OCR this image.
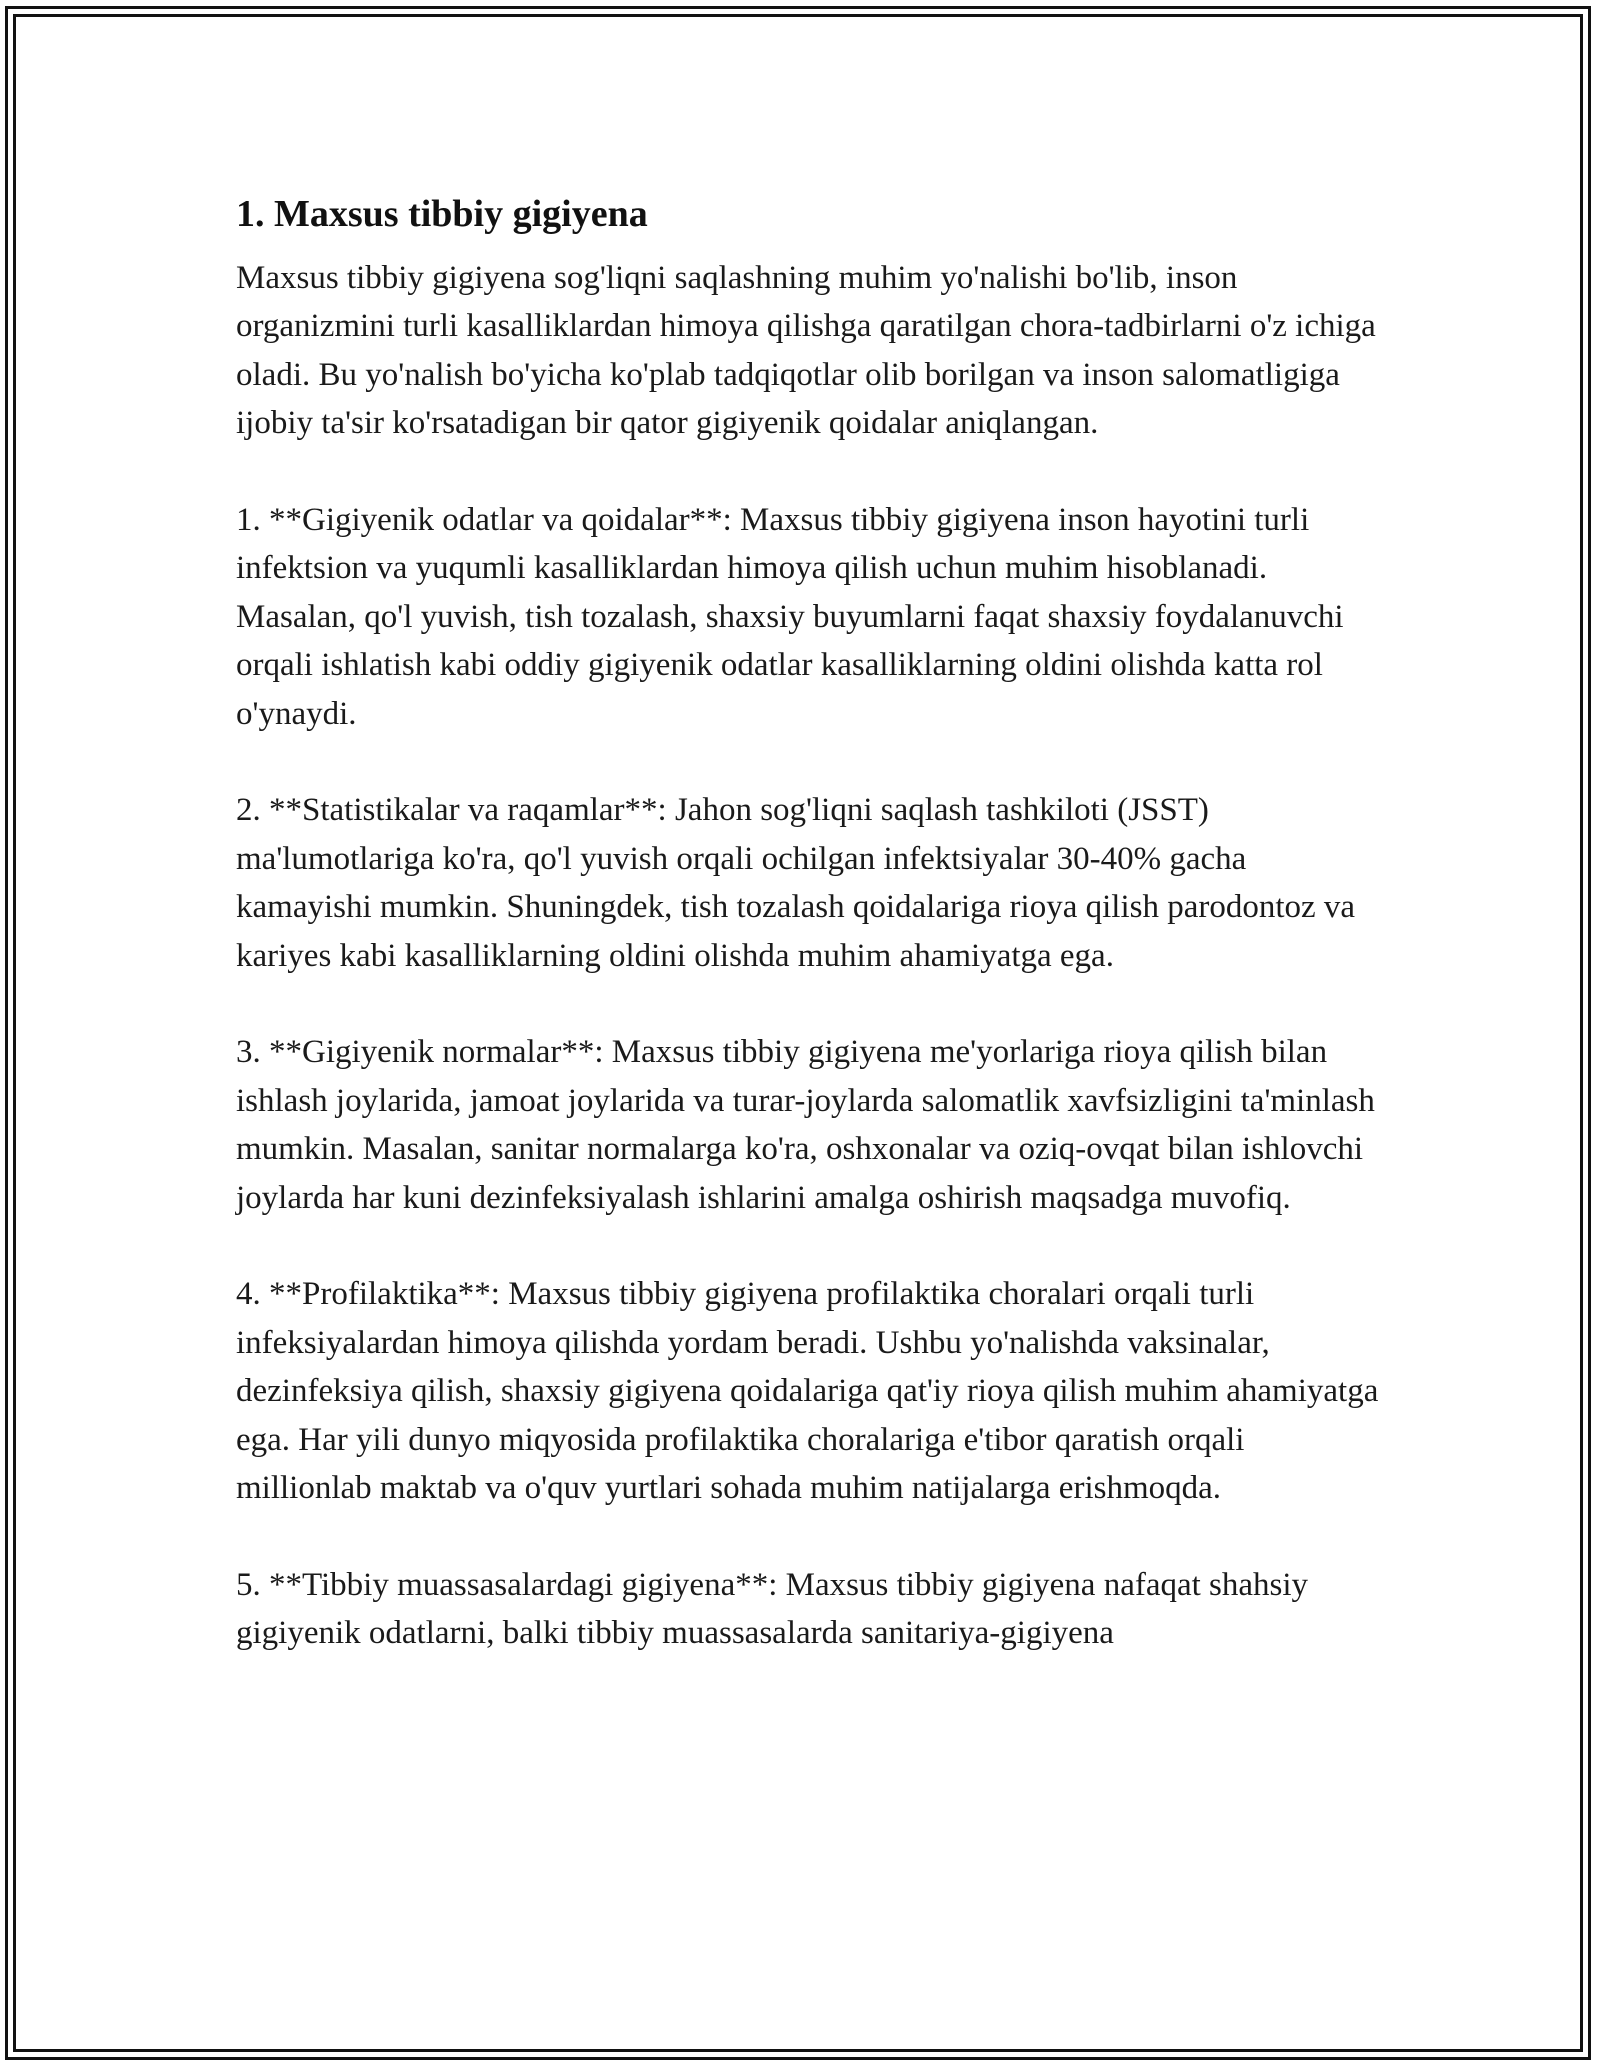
1. Maxsus tibbiy gigiyena

Maxsus tibbiy gigiyena sog'liqni saqlashning muhim yo'nalishi bo'lib, inson organizmini turli kasalliklardan himoya qilishga qaratilgan chora-tadbirlarni o'z ichiga oladi. Bu yo'nalish bo'yicha ko'plab tadqiqotlar olib borilgan va inson salomatligiga ijobiy ta'sir ko'rsatadigan bir qator gigiyenik qoidalar aniqlangan.

1. **Gigiyenik odatlar va qoidalar**: Maxsus tibbiy gigiyena inson hayotini turli infektsion va yuqumli kasalliklardan himoya qilish uchun muhim hisoblanadi. Masalan, qo'l yuvish, tish tozalash, shaxsiy buyumlarni faqat shaxsiy foydalanuvchi orqali ishlatish kabi oddiy gigiyenik odatlar kasalliklarning oldini olishda katta rol o'ynaydi.

2. **Statistikalar va raqamlar**: Jahon sog'liqni saqlash tashkiloti (JSST) ma'lumotlariga ko'ra, qo'l yuvish orqali ochilgan infektsiyalar 30-40% gacha kamayishi mumkin. Shuningdek, tish tozalash qoidalariga rioya qilish parodontoz va kariyes kabi kasalliklarning oldini olishda muhim ahamiyatga ega.

3. **Gigiyenik normalar**: Maxsus tibbiy gigiyena me'yorlariga rioya qilish bilan ishlash joylarida, jamoat joylarida va turar-joylarda salomatlik xavfsizligini ta'minlash mumkin. Masalan, sanitar normalarga ko'ra, oshxonalar va oziq-ovqat bilan ishlovchi joylarda har kuni dezinfeksiyalash ishlarini amalga oshirish maqsadga muvofiq.

4. **Profilaktika**: Maxsus tibbiy gigiyena profilaktika choralari orqali turli infeksiyalardan himoya qilishda yordam beradi. Ushbu yo'nalishda vaksinalar, dezinfeksiya qilish, shaxsiy gigiyena qoidalariga qat'iy rioya qilish muhim ahamiyatga ega. Har yili dunyo miqyosida profilaktika choralariga e'tibor qaratish orqali millionlab maktab va o'quv yurtlari sohada muhim natijalarga erishmoqda.

5. **Tibbiy muassasalardagi gigiyena**: Maxsus tibbiy gigiyena nafaqat shahsiy gigiyenik odatlarni, balki tibbiy muassasalarda sanitariya-gigiyena
